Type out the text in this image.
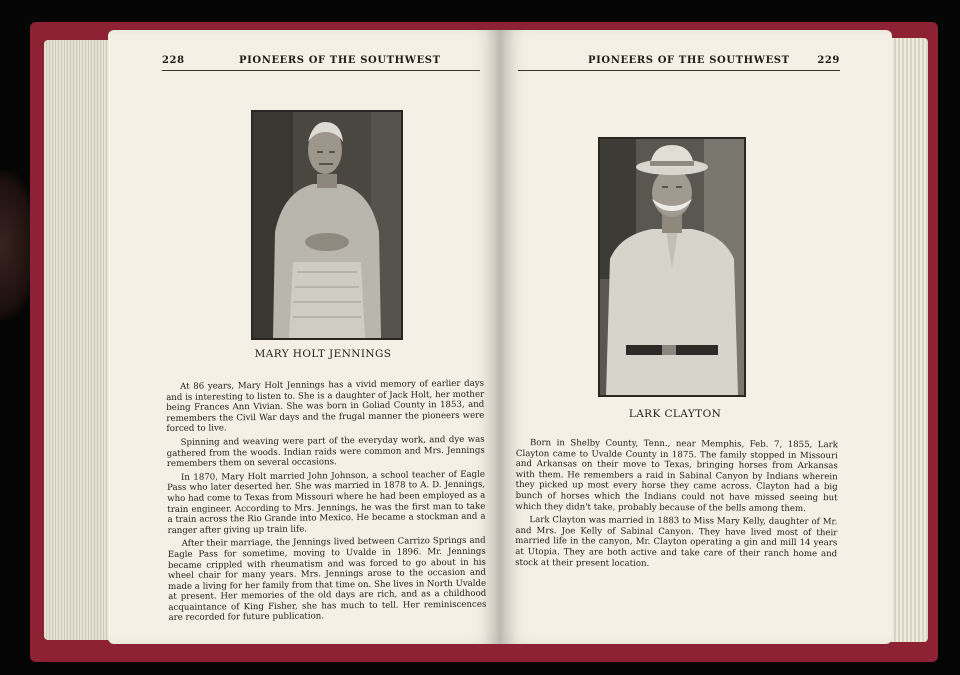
228	PIONEERS OF THE SOUTHWEST
MARY HOLT JENNINGS

At 86 years, Mary Holt Jennings has a vivid memory of earlier days and is interesting to listen to. She is a daughter of Jack Holt, her mother being Frances Ann Vivian. She was born in Goliad County in 1853, and remembers the Civil War days and the frugal manner the pioneers were forced to live.

Spinning and weaving were part of the everyday work, and dye was gathered from the woods. Indian raids were common and Mrs. Jennings remembers them on several occasions.

In 1870, Mary Holt married John Johnson, a school teacher of Eagle Pass who later deserted her. She was married in 1878 to A. D. Jennings, who had come to Texas from Missouri where he had been employed as a train engineer. According to Mrs. Jennings, he was the first man to take a train across the Rio Grande into Mexico. He became a stockman and a ranger after giving up train life.

After their marriage, the Jennings lived between Carrizo Springs and Eagle Pass for sometime, moving to Uvalde in 1896. Mr. Jennings became crippled with rheumatism and was forced to go about in his wheel chair for many years. Mrs. Jennings arose to the occasion and made a living for her family from that time on. She lives in North Uvalde at present. Her memories of the old days are rich, and as a childhood acquaintance of King Fisher, she has much to tell. Her reminiscences are recorded for future publication.

PIONEERS OF THE SOUTHWEST	229
LARK CLAYTON

Born in Shelby County, Tenn., near Memphis, Feb. 7, 1855, Lark Clayton came to Uvalde County in 1875. The family stopped in Missouri and Arkansas on their move to Texas, bringing horses from Arkansas with them. He remembers a raid in Sabinal Canyon by Indians wherein they picked up most every horse they came across. Clayton had a big bunch of horses which the Indians could not have missed seeing but which they didn't take, probably because of the bells among them.

Lark Clayton was married in 1883 to Miss Mary Kelly, daughter of Mr. and Mrs. Joe Kelly of Sabinal Canyon. They have lived most of their married life in the canyon, Mr. Clayton operating a gin and mill 14 years at Utopia. They are both active and take care of their ranch home and stock at their present location.
